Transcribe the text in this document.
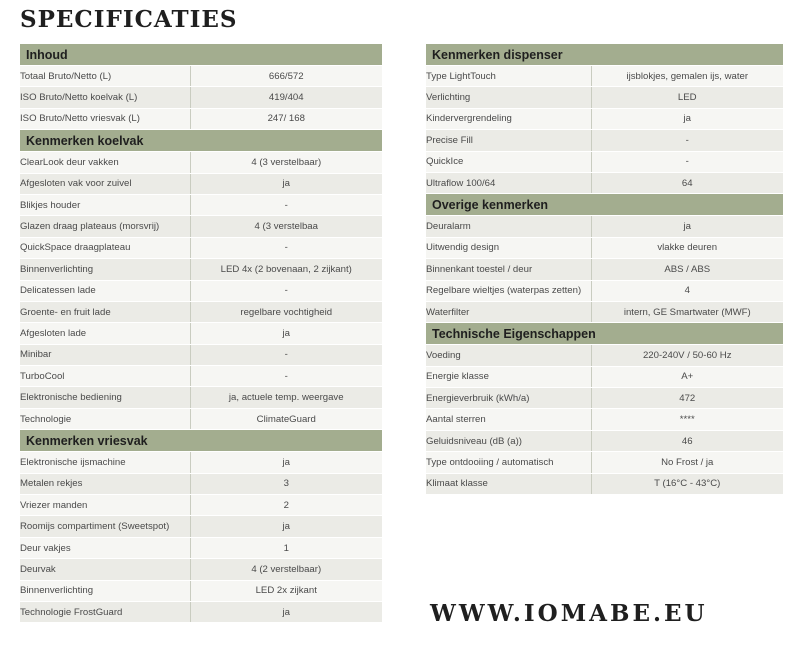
SPECIFICATIES
Inhoud	
Totaal Bruto/Netto (L)	666/572
ISO Bruto/Netto koelvak (L)	419/404
ISO Bruto/Netto vriesvak (L)	247/ 168
Kenmerken koelvak	
ClearLook deur vakken	4 (3 verstelbaar)
Afgesloten vak voor zuivel	ja
Blikjes houder	-
Glazen draag plateaus (morsvrij)	4 (3 verstelbaa
QuickSpace draagplateau	-
Binnenverlichting	LED 4x (2 bovenaan, 2 zijkant)
Delicatessen lade	-
Groente- en fruit lade	regelbare vochtigheid
Afgesloten lade	ja
Minibar	-
TurboCool	-
Elektronische bediening	ja, actuele temp. weergave
Technologie	ClimateGuard
Kenmerken vriesvak	
Elektronische ijsmachine	ja
Metalen rekjes	3
Vriezer manden	2
Roomijs compartiment (Sweetspot)	ja
Deur vakjes	1
Deurvak	4 (2 verstelbaar)
Binnenverlichting	LED 2x zijkant
Technologie FrostGuard	ja
Kenmerken dispenser	
Type LightTouch	ijsblokjes, gemalen ijs, water
Verlichting	LED
Kindervergrendeling	ja
Precise Fill	-
QuickIce	-
Ultraflow 100/64	64
Overige kenmerken	
Deuralarm	ja
Uitwendig design	vlakke deuren
Binnenkant toestel / deur	ABS / ABS
Regelbare wieltjes (waterpas zetten)	4
Waterfilter	intern, GE Smartwater (MWF)
Technische Eigenschappen	
Voeding	220-240V / 50-60 Hz
Energie klasse	A+
Energieverbruik (kWh/a)	472
Aantal sterren	****
Geluidsniveau (dB (a))	46
Type ontdooiing / automatisch	No Frost / ja
Klimaat klasse	T (16°C - 43°C)
WWW.IOMABE.EU
